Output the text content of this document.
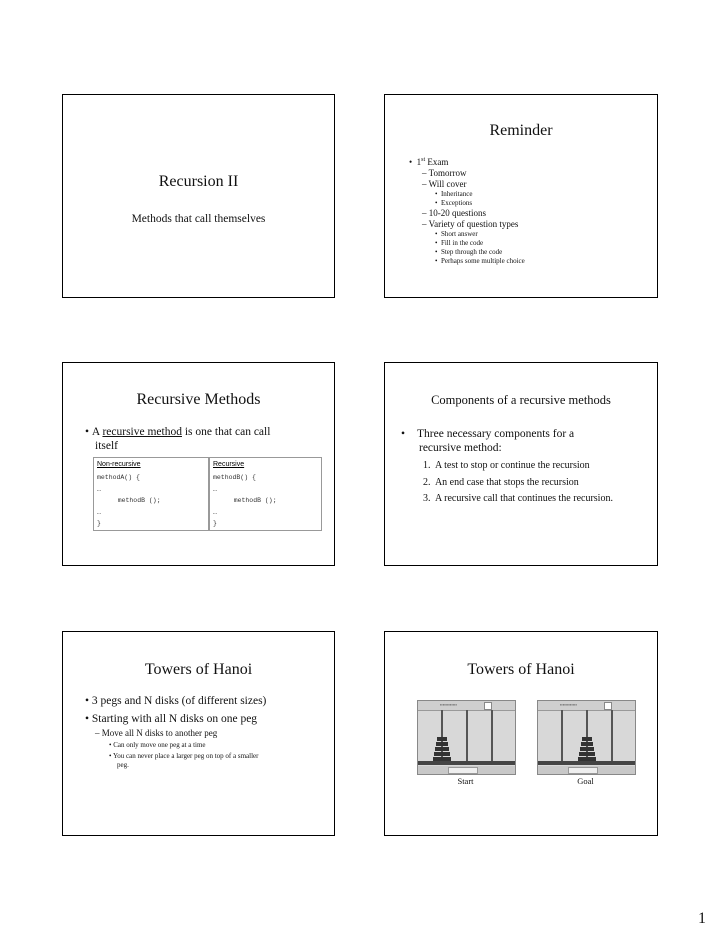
Recursion II
Methods that call themselves
Reminder
•  1st Exam
– Tomorrow
– Will cover
•  Inheritance
•  Exceptions
– 10-20 questions
– Variety of question types
•  Short answer
•  Fill in the code
•  Step through the code
•  Perhaps some multiple choice
Recursive Methods
• A recursive method is one that can call
itself
Non-recursive
methodA() {
…
methodB ();
…
}
Recursive
methodB() {
…
methodB ();
…
}
Components of a recursive methods
• Three necessary components for a
recursive method:
1.  A test to stop or continue the recursion
2.  An end case that stops the recursion
3.  A recursive call that continues the recursion.
Towers of Hanoi
• 3 pegs and N disks (of different sizes)
• Starting with all N disks on one peg
– Move all N disks to another peg
• Can only move one peg at a time
• You can never place a larger peg on top of a smaller
peg.
Towers of Hanoi
▪▪▪▪▪▪▪▪▪▪▪▪	▪▪▪▪▪▪▪▪▪▪▪▪
Start	Goal
1
